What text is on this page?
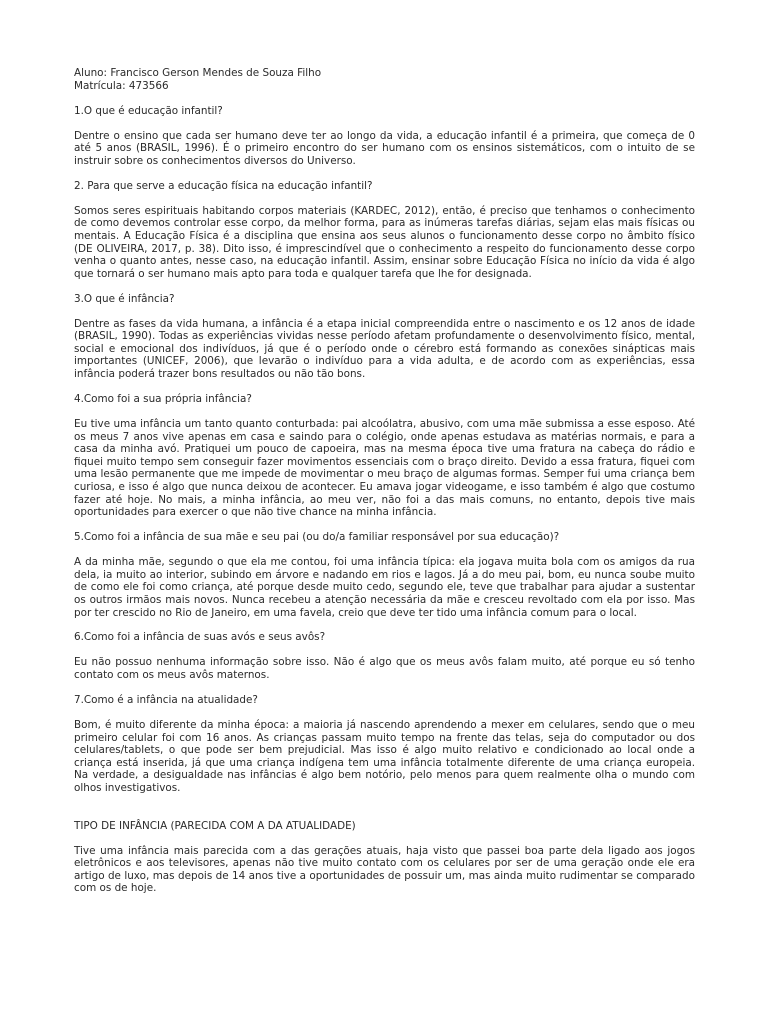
Aluno: Francisco Gerson Mendes de Souza Filho

Matrícula: 473566

1.O que é educação infantil?

Dentre o ensino que cada ser humano deve ter ao longo da vida, a educação infantil é a primeira, que começa de 0 até 5 anos (BRASIL, 1996). É o primeiro encontro do ser humano com os ensinos sistemáticos, com o intuito de se instruir sobre os conhecimentos diversos do Universo.

2. Para que serve a educação física na educação infantil?

Somos seres espirituais habitando corpos materiais (KARDEC, 2012), então, é preciso que tenhamos o conhecimento de como devemos controlar esse corpo, da melhor forma, para as inúmeras tarefas diárias, sejam elas mais físicas ou mentais. A Educação Física é a disciplina que ensina aos seus alunos o funcionamento desse corpo no âmbito físico (DE OLIVEIRA, 2017, p. 38). Dito isso, é imprescindível que o conhecimento a respeito do funcionamento desse corpo venha o quanto antes, nesse caso, na educação infantil. Assim, ensinar sobre Educação Física no início da vida é algo que tornará o ser humano mais apto para toda e qualquer tarefa que lhe for designada.

3.O que é infância?

Dentre as fases da vida humana, a infância é a etapa inicial compreendida entre o nascimento e os 12 anos de idade (BRASIL, 1990). Todas as experiências vividas nesse período afetam profundamente o desenvolvimento físico, mental, social e emocional dos indivíduos, já que é o período onde o cérebro está formando as conexões sinápticas mais importantes (UNICEF, 2006), que levarão o indivíduo para a vida adulta, e de acordo com as experiências, essa infância poderá trazer bons resultados ou não tão bons.

4.Como foi a sua própria infância?

Eu tive uma infância um tanto quanto conturbada: pai alcoólatra, abusivo, com uma mãe submissa a esse esposo. Até os meus 7 anos vive apenas em casa e saindo para o colégio, onde apenas estudava as matérias normais, e para a casa da minha avó. Pratiquei um pouco de capoeira, mas na mesma época tive uma fratura na cabeça do rádio e fiquei muito tempo sem conseguir fazer movimentos essenciais com o braço direito. Devido a essa fratura, fiquei com uma lesão permanente que me impede de movimentar o meu braço de algumas formas. Semper fui uma criança bem curiosa, e isso é algo que nunca deixou de acontecer. Eu amava jogar videogame, e isso também é algo que costumo fazer até hoje. No mais, a minha infância, ao meu ver, não foi a das mais comuns, no entanto, depois tive mais oportunidades para exercer o que não tive chance na minha infância.

5.Como foi a infância de sua mãe e seu pai (ou do/a familiar responsável por sua educação)?

A da minha mãe, segundo o que ela me contou, foi uma infância típica: ela jogava muita bola com os amigos da rua dela, ia muito ao interior, subindo em árvore e nadando em rios e lagos. Já a do meu pai, bom, eu nunca soube muito de como ele foi como criança, até porque desde muito cedo, segundo ele, teve que trabalhar para ajudar a sustentar os outros irmãos mais novos. Nunca recebeu a atenção necessária da mãe e cresceu revoltado com ela por isso. Mas por ter crescido no Rio de Janeiro, em uma favela, creio que deve ter tido uma infância comum para o local.

6.Como foi a infância de suas avós e seus avôs?

Eu não possuo nenhuma informação sobre isso. Não é algo que os meus avôs falam muito, até porque eu só tenho contato com os meus avôs maternos.

7.Como é a infância na atualidade?

Bom, é muito diferente da minha época: a maioria já nascendo aprendendo a mexer em celulares, sendo que o meu primeiro celular foi com 16 anos. As crianças passam muito tempo na frente das telas, seja do computador ou dos celulares/tablets, o que pode ser bem prejudicial. Mas isso é algo muito relativo e condicionado ao local onde a criança está inserida, já que uma criança indígena tem uma infância totalmente diferente de uma criança europeia. Na verdade, a desigualdade nas infâncias é algo bem notório, pelo menos para quem realmente olha o mundo com olhos investigativos.

TIPO DE INFÂNCIA (PARECIDA COM A DA ATUALIDADE)

Tive uma infância mais parecida com a das gerações atuais, haja visto que passei boa parte dela ligado aos jogos eletrônicos e aos televisores, apenas não tive muito contato com os celulares por ser de uma geração onde ele era artigo de luxo, mas depois de 14 anos tive a oportunidades de possuir um, mas ainda muito rudimentar se comparado com os de hoje.
